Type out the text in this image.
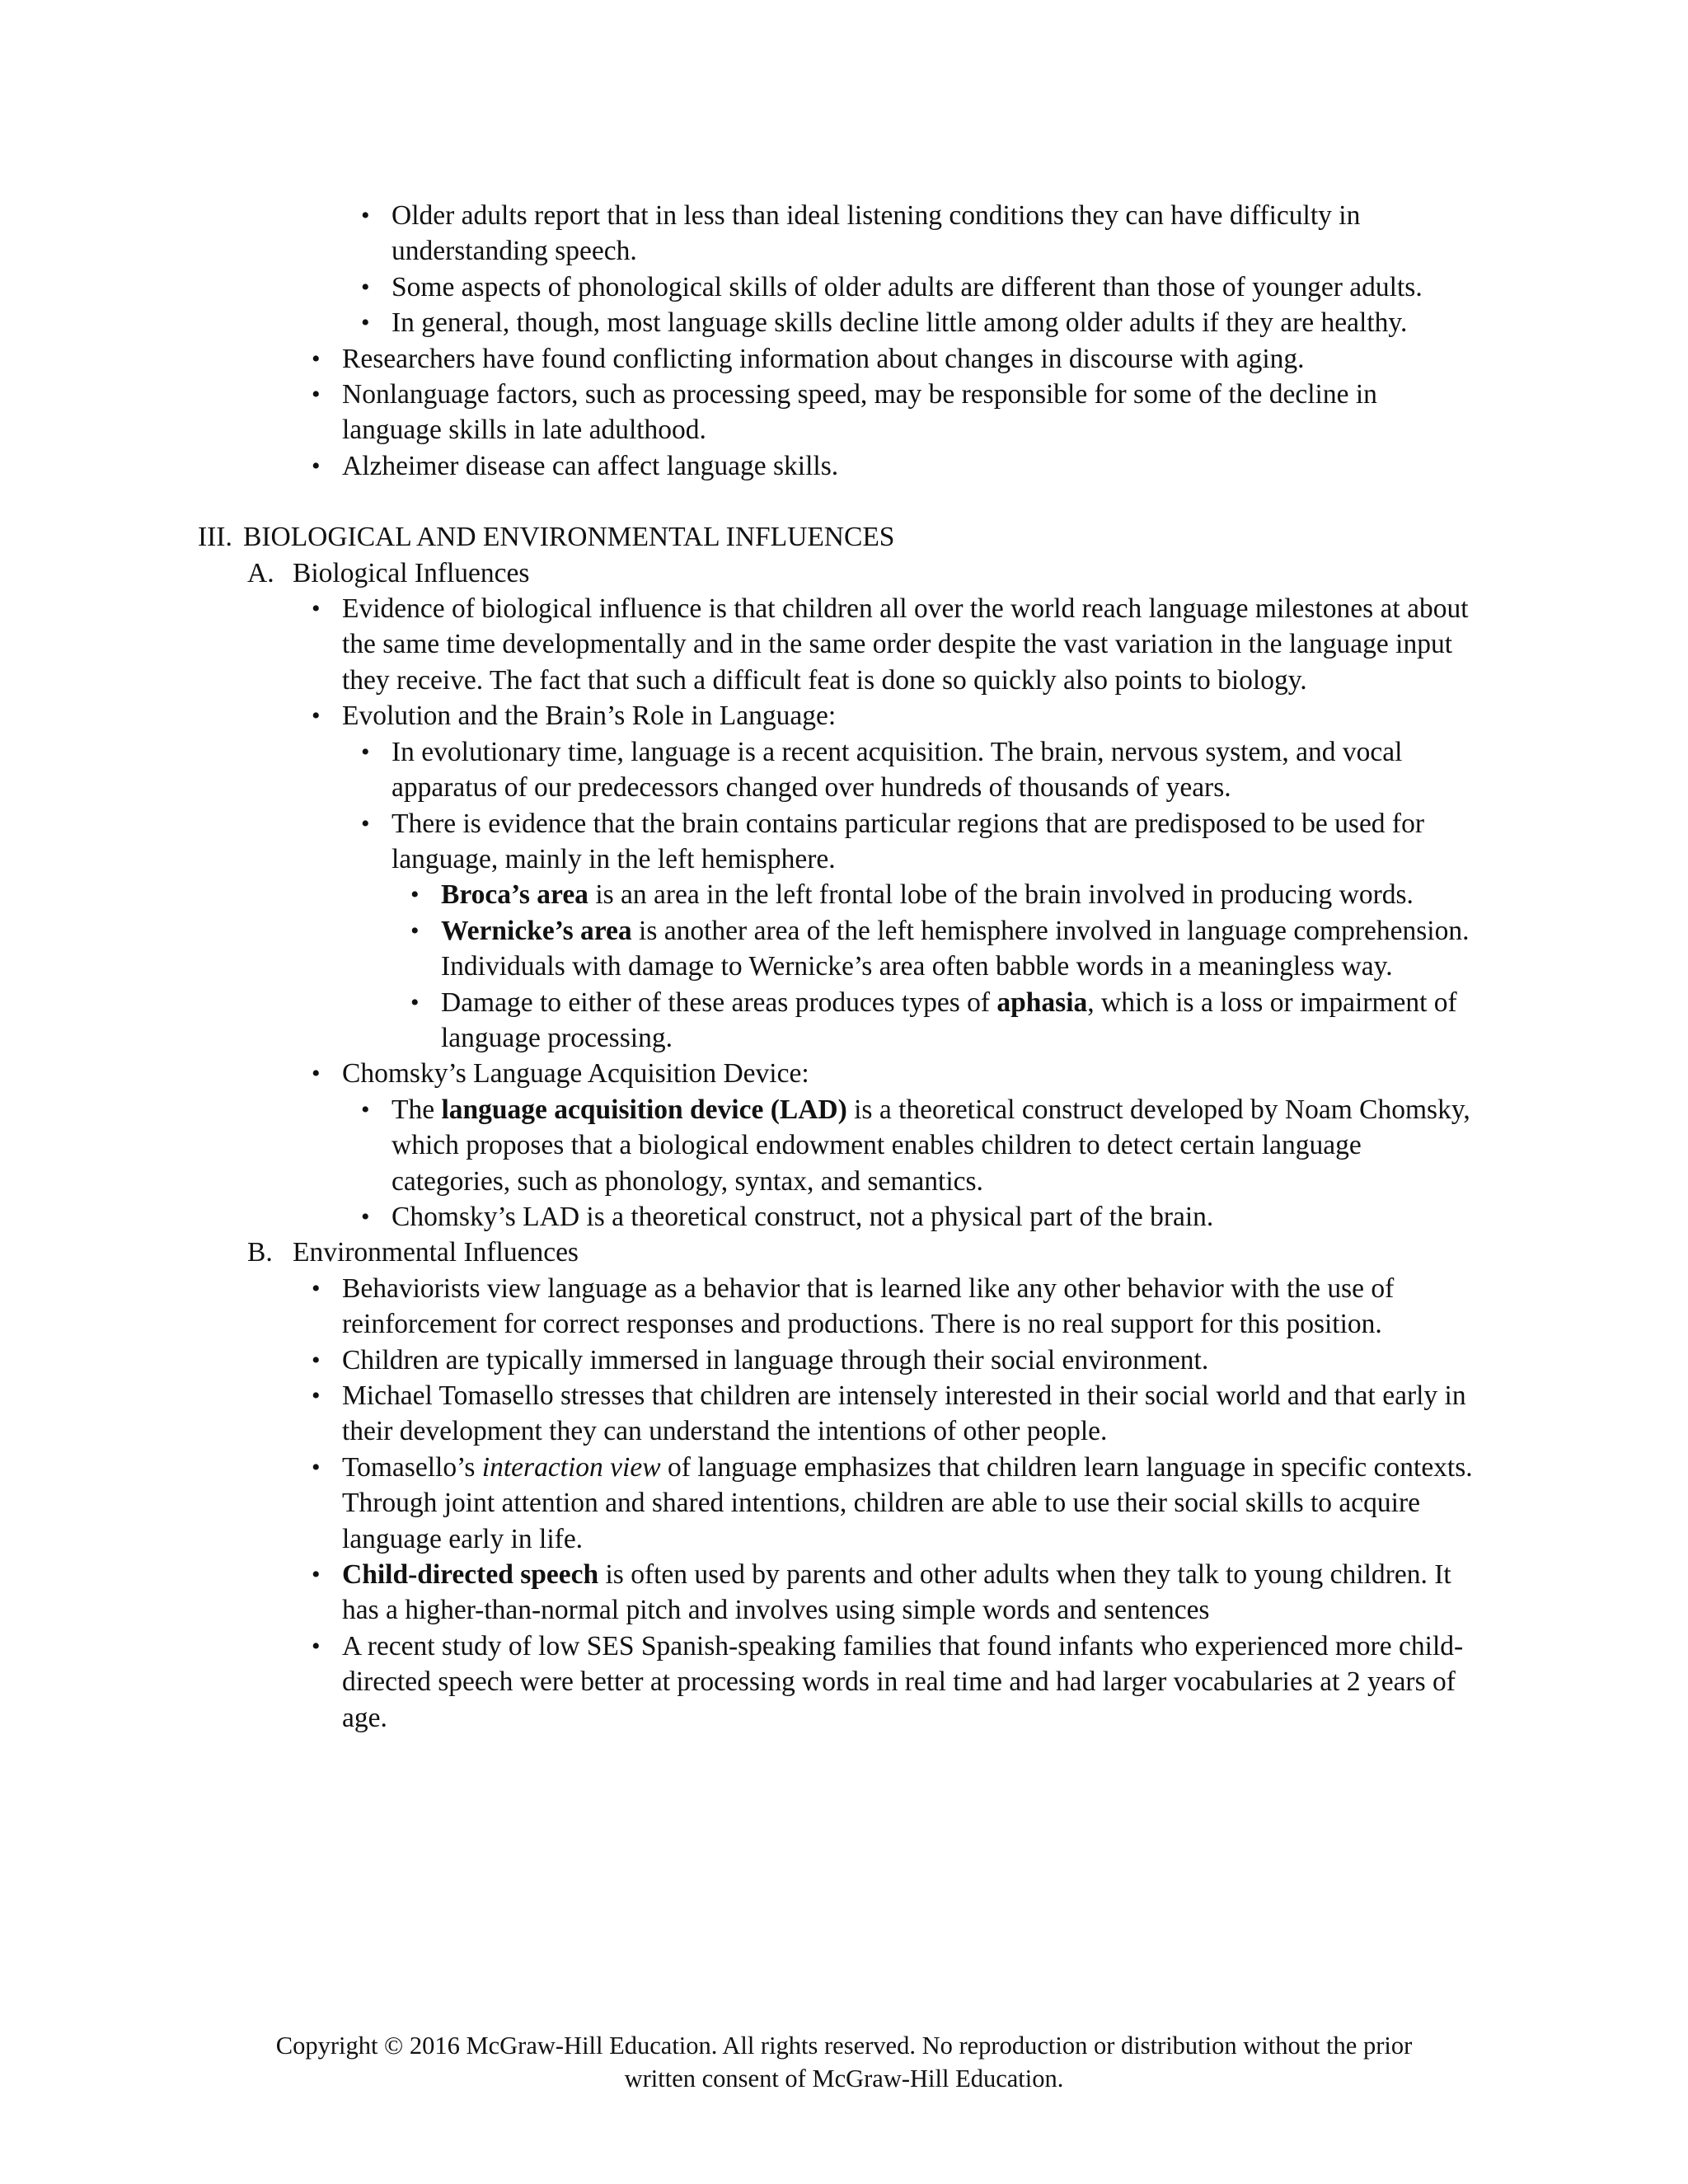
• Older adults report that in less than ideal listening conditions they can have difficulty in understanding speech.
• Some aspects of phonological skills of older adults are different than those of younger adults.
• In general, though, most language skills decline little among older adults if they are healthy.
• Researchers have found conflicting information about changes in discourse with aging.
• Nonlanguage factors, such as processing speed, may be responsible for some of the decline in language skills in late adulthood.
• Alzheimer disease can affect language skills.
III. BIOLOGICAL AND ENVIRONMENTAL INFLUENCES
A. Biological Influences
• Evidence of biological influence is that children all over the world reach language milestones at about the same time developmentally and in the same order despite the vast variation in the language input they receive. The fact that such a difficult feat is done so quickly also points to biology.
• Evolution and the Brain’s Role in Language:
• In evolutionary time, language is a recent acquisition. The brain, nervous system, and vocal apparatus of our predecessors changed over hundreds of thousands of years.
• There is evidence that the brain contains particular regions that are predisposed to be used for language, mainly in the left hemisphere.
• Broca’s area is an area in the left frontal lobe of the brain involved in producing words.
• Wernicke’s area is another area of the left hemisphere involved in language comprehension. Individuals with damage to Wernicke’s area often babble words in a meaningless way.
• Damage to either of these areas produces types of aphasia, which is a loss or impairment of language processing.
• Chomsky’s Language Acquisition Device:
• The language acquisition device (LAD) is a theoretical construct developed by Noam Chomsky, which proposes that a biological endowment enables children to detect certain language categories, such as phonology, syntax, and semantics.
• Chomsky’s LAD is a theoretical construct, not a physical part of the brain.
B. Environmental Influences
• Behaviorists view language as a behavior that is learned like any other behavior with the use of reinforcement for correct responses and productions. There is no real support for this position.
• Children are typically immersed in language through their social environment.
• Michael Tomasello stresses that children are intensely interested in their social world and that early in their development they can understand the intentions of other people.
• Tomasello’s interaction view of language emphasizes that children learn language in specific contexts. Through joint attention and shared intentions, children are able to use their social skills to acquire language early in life.
• Child-directed speech is often used by parents and other adults when they talk to young children. It has a higher-than-normal pitch and involves using simple words and sentences
• A recent study of low SES Spanish-speaking families that found infants who experienced more child-directed speech were better at processing words in real time and had larger vocabularies at 2 years of age.
Copyright © 2016 McGraw-Hill Education. All rights reserved. No reproduction or distribution without the prior
written consent of McGraw-Hill Education.
